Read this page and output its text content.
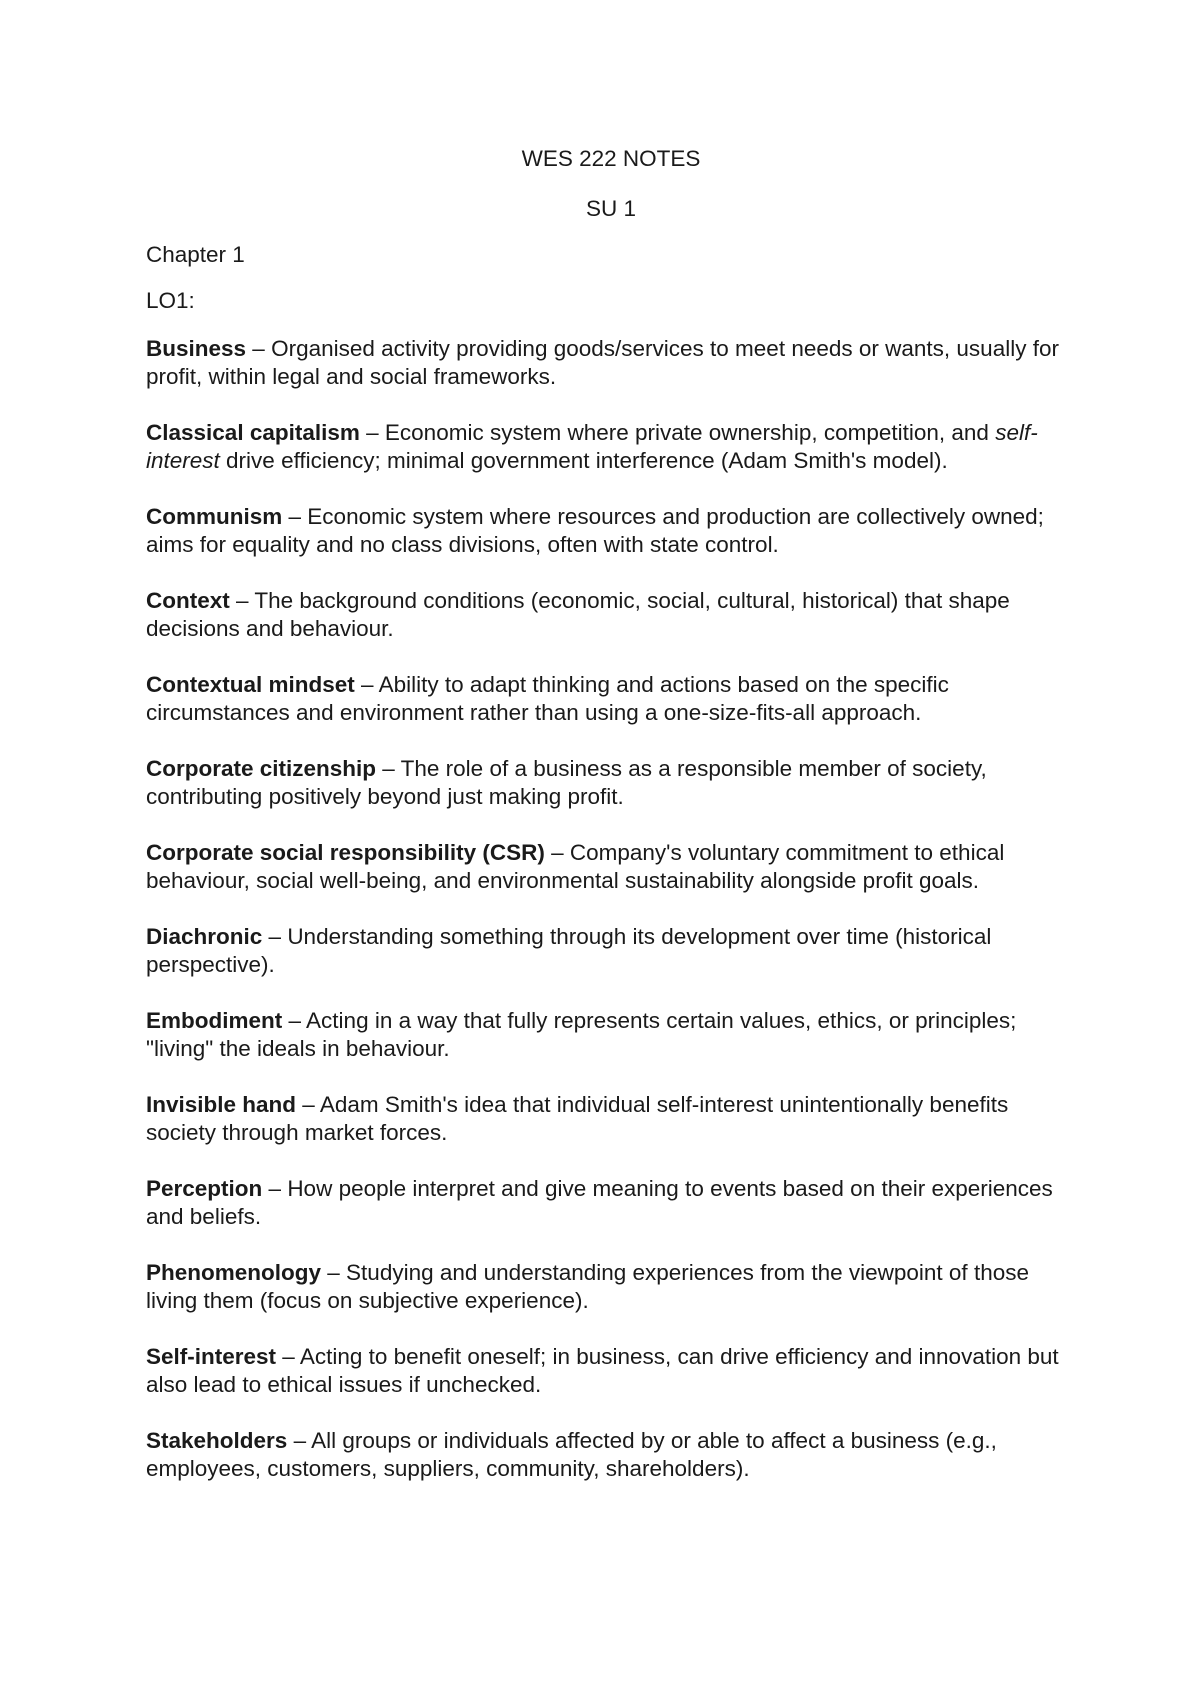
WES 222 NOTES

SU 1

Chapter 1

LO1:

Business – Organised activity providing goods/services to meet needs or wants, usually for profit, within legal and social frameworks.

Classical capitalism – Economic system where private ownership, competition, and self-interest drive efficiency; minimal government interference (Adam Smith's model).

Communism – Economic system where resources and production are collectively owned; aims for equality and no class divisions, often with state control.

Context – The background conditions (economic, social, cultural, historical) that shape decisions and behaviour.

Contextual mindset – Ability to adapt thinking and actions based on the specific circumstances and environment rather than using a one-size-fits-all approach.

Corporate citizenship – The role of a business as a responsible member of society, contributing positively beyond just making profit.

Corporate social responsibility (CSR) – Company's voluntary commitment to ethical behaviour, social well-being, and environmental sustainability alongside profit goals.

Diachronic – Understanding something through its development over time (historical perspective).

Embodiment – Acting in a way that fully represents certain values, ethics, or principles; "living" the ideals in behaviour.

Invisible hand – Adam Smith's idea that individual self-interest unintentionally benefits society through market forces.

Perception – How people interpret and give meaning to events based on their experiences and beliefs.

Phenomenology – Studying and understanding experiences from the viewpoint of those living them (focus on subjective experience).

Self-interest – Acting to benefit oneself; in business, can drive efficiency and innovation but also lead to ethical issues if unchecked.

Stakeholders – All groups or individuals affected by or able to affect a business (e.g., employees, customers, suppliers, community, shareholders).
